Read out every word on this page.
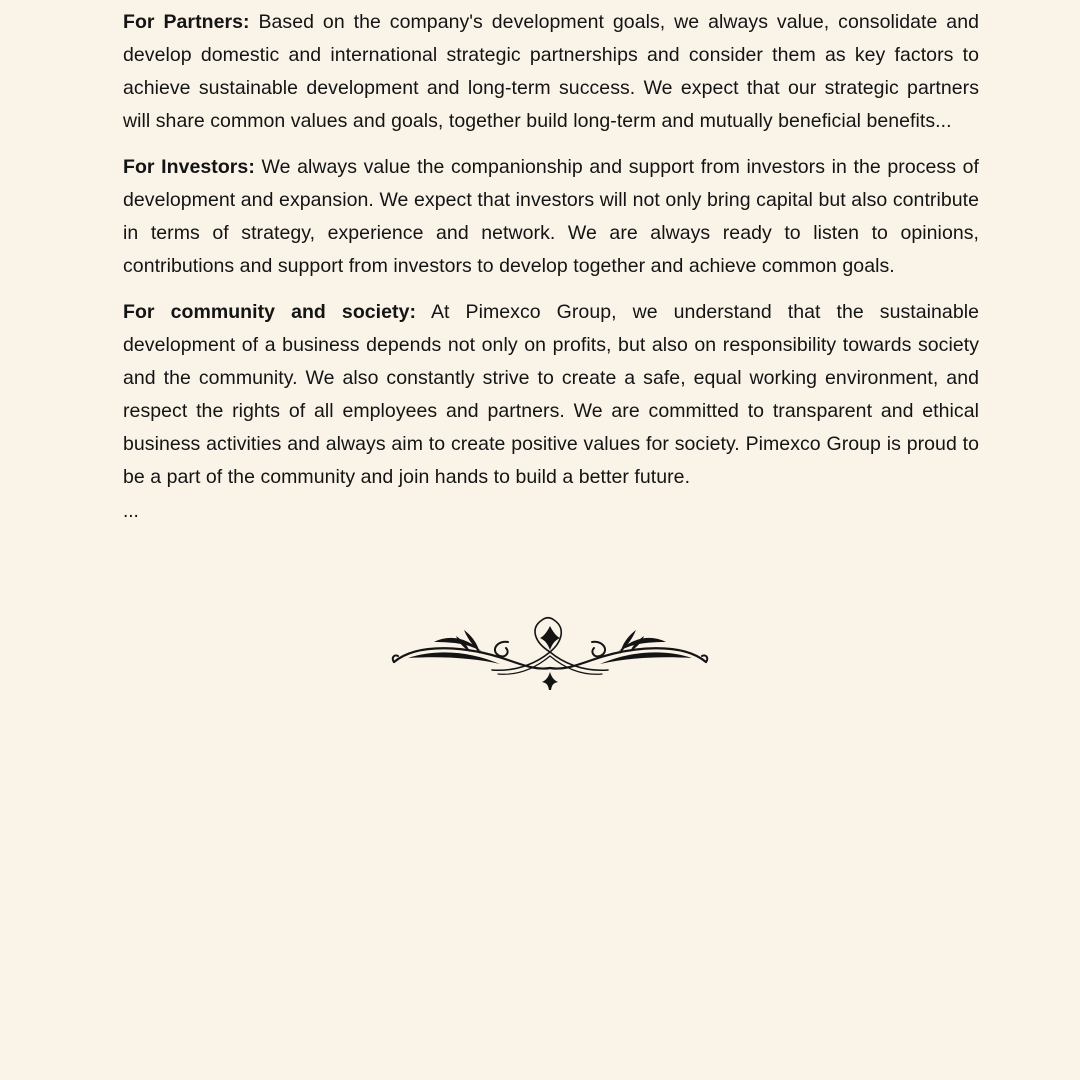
For Partners: Based on the company's development goals, we always value, consolidate and develop domestic and international strategic partnerships and consider them as key factors to achieve sustainable development and long-term success. We expect that our strategic partners will share common values and goals, together build long-term and mutually beneficial benefits...

For Investors: We always value the companionship and support from investors in the process of development and expansion. We expect that investors will not only bring capital but also contribute in terms of strategy, experience and network. We are always ready to listen to opinions, contributions and support from investors to develop together and achieve common goals.

For community and society: At Pimexco Group, we understand that the sustainable development of a business depends not only on profits, but also on responsibility towards society and the community. We also constantly strive to create a safe, equal working environment, and respect the rights of all employees and partners. We are committed to transparent and ethical business activities and always aim to create positive values for society. Pimexco Group is proud to be a part of the community and join hands to build a better future.

...
